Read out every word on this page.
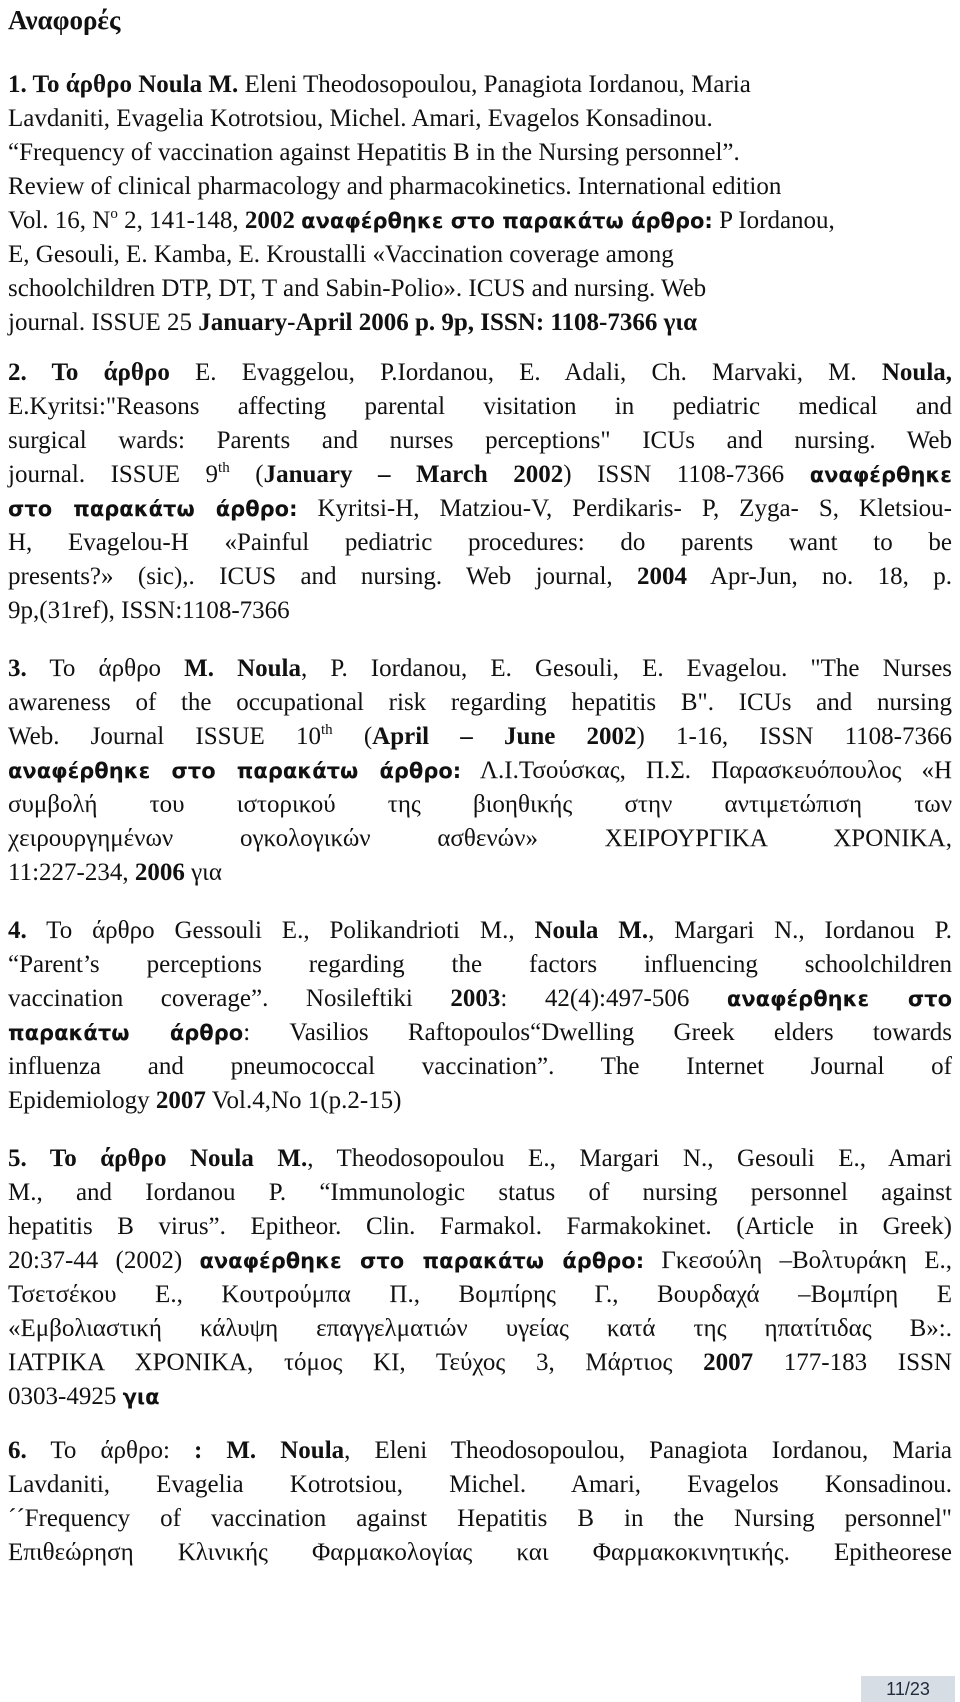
Αναφορές
1. Το άρθρο Noula M. Eleni Theodosopoulou, Panagiota Iordanou, Maria
Lavdaniti, Evagelia Kotrotsiou, Michel. Amari, Evagelos Konsadinou.
“Frequency of vaccination against Hepatitis B in the Nursing personnel”.
Review of clinical pharmacology and pharmacokinetics. International edition
Vol. 16, $N^o$ 2, 141-148, 2002 αναφέρθηκε στο παρακάτω άρθρο: P Iordanou,
E, Gesouli, E. Kamba, E. Kroustalli «Vaccination coverage among
schoolchildren DTP, DT, T and Sabin-Polio». ICUS and nursing. Web
journal. ISSUE 25 January-April 2006 p. 9p, ISSN: 1108-7366 για
2. Το άρθρο E. Evaggelou, P.Iordanou, E. Adali, Ch. Marvaki, M. Noula,
E.Kyritsi:"Reasons affecting parental visitation in pediatric medical and
surgical wards: Parents and nurses perceptions" ICUs and nursing. Web
journal. ISSUE 9th (January – March 2002) ISSN 1108-7366 αναφέρθηκε
στο παρακάτω άρθρο: Kyritsi-H, Matziou-V, Perdikaris- P, Zyga- S, Kletsiou-
H, Evagelou-H «Painful pediatric procedures: do parents want to be
presents?» (sic),. ICUS and nursing. Web journal, 2004 Apr-Jun, no. 18, p.
9p,(31ref), ISSN:1108-7366
3. Το άρθρο M. Noula, P. Iordanou, E. Gesouli, E. Evagelou. "The Nurses
awareness of the occupational risk regarding hepatitis B". ICUs and nursing
Web. Journal ISSUE 10th (April – June 2002) 1-16, ISSN 1108-7366
αναφέρθηκε στο παρακάτω άρθρο: Λ.Ι.Τσούσκας, Π.Σ. Παρασκευόπουλος «Η
συμβολή του ιστορικού της βιοηθικής στην αντιμετώπιση των
χειρουργημένων ογκολογικών ασθενών» ΧΕΙΡΟΥΡΓΙΚΑ ΧΡΟΝΙΚΑ,
11:227-234, 2006 για
4. Το άρθρο Gessouli E., Polikandrioti M., Noula M., Margari N., Iordanou P.
“Parent’s perceptions regarding the factors influencing schoolchildren
vaccination coverage”. Nosileftiki 2003: 42(4):497-506 αναφέρθηκε στο
παρακάτω άρθρο: Vasilios Raftopoulos“Dwelling Greek elders towards
influenza and pneumococcal vaccination”. The Internet Journal of
Epidemiology 2007 Vol.4,No 1(p.2-15)
5. Το άρθρο Noula M., Theodosopoulou E., Margari N., Gesouli E., Amari
M., and Iordanou P. “Immunologic status of nursing personnel against
hepatitis B virus”. Epitheor. Clin. Farmakol. Farmakokinet. (Article in Greek)
20:37-44 (2002) αναφέρθηκε στο παρακάτω άρθρο: Γκεσούλη –Βολτυράκη Ε.,
Τσετσέκου Ε., Κουτρούμπα Π., Βομπίρης Γ., Βουρδαχά –Βομπίρη Ε
«Εμβολιαστική κάλυψη επαγγελματιών υγείας κατά της ηπατίτιδας Β»:.
ΙΑΤΡΙΚΑ ΧΡΟΝΙΚΑ, τόμος ΚΙ, Τεύχος 3, Μάρτιος 2007 177-183 ISSN
0303-4925 για
6. Το άρθρο: : M. Noula, Eleni Theodosopoulou, Panagiota Iordanou, Maria
Lavdaniti, Evagelia Kotrotsiou, Michel. Amari, Evagelos Konsadinou.
´´Frequency of vaccination against Hepatitis B in the Nursing personnel"
Επιθεώρηση Κλινικής Φαρμακολογίας και Φαρμακοκινητικής. Epitheorese
11/23
